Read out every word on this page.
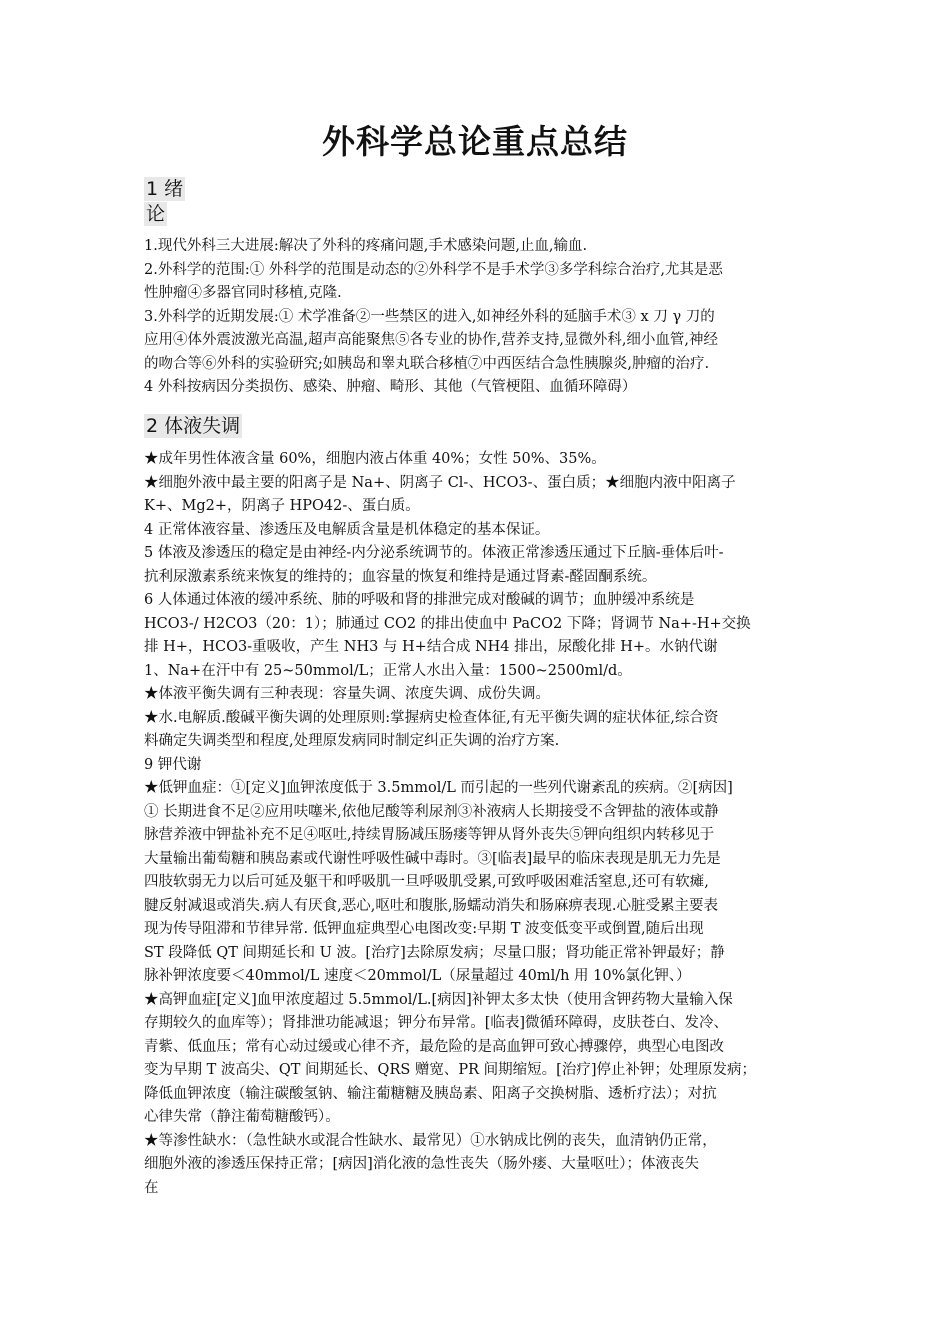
外科学总论重点总结
1 绪
论
1.现代外科三大进展:解决了外科的疼痛问题,手术感染问题,止血,输血.
2.外科学的范围:① 外科学的范围是动态的②外科学不是手术学③多学科综合治疗,尤其是恶
性肿瘤④多器官同时移植,克隆.
3.外科学的近期发展:① 术学准备②一些禁区的进入,如神经外科的延脑手术③ x 刀 γ 刀的
应用④体外震波激光高温,超声高能聚焦⑤各专业的协作,营养支持,显微外科,细小血管,神经
的吻合等⑥外科的实验研究;如胰岛和睾丸联合移植⑦中西医结合急性胰腺炎,肿瘤的治疗.
4 外科按病因分类损伤、感染、肿瘤、畸形、其他（气管梗阻、血循环障碍）
2 体液失调
★成年男性体液含量 60%，细胞内液占体重 40%；女性 50%、35%。
★细胞外液中最主要的阳离子是 Na+、阴离子 Cl-、HCO3-、蛋白质；★细胞内液中阳离子
K+、Mg2+，阴离子 HPO42-、蛋白质。
4 正常体液容量、渗透压及电解质含量是机体稳定的基本保证。
5 体液及渗透压的稳定是由神经-内分泌系统调节的。体液正常渗透压通过下丘脑-垂体后叶-
抗利尿激素系统来恢复的维持的；血容量的恢复和维持是通过肾素-醛固酮系统。
6 人体通过体液的缓冲系统、肺的呼吸和肾的排泄完成对酸碱的调节；血肿缓冲系统是
HCO3-/ H2CO3（20：1）；肺通过 CO2 的排出使血中 PaCO2 下降；肾调节 Na+-H+交换
排 H+，HCO3-重吸收，产生 NH3 与 H+结合成 NH4 排出，尿酸化排 H+。水钠代谢
1、Na+在汗中有 25~50mmol/L；正常人水出入量：1500~2500ml/d。
★体液平衡失调有三种表现：容量失调、浓度失调、成份失调。
★水.电解质.酸碱平衡失调的处理原则:掌握病史检查体征,有无平衡失调的症状体征,综合资
料确定失调类型和程度,处理原发病同时制定纠正失调的治疗方案.
9 钾代谢
★低钾血症：①[定义]血钾浓度低于 3.5mmol/L 而引起的一些列代谢紊乱的疾病。②[病因]
① 长期进食不足②应用呋噻米,依他尼酸等利尿剂③补液病人长期接受不含钾盐的液体或静
脉营养液中钾盐补充不足④呕吐,持续胃肠减压肠瘘等钾从肾外丧失⑤钾向组织内转移见于
大量输出葡萄糖和胰岛素或代谢性呼吸性碱中毒时。③[临表]最早的临床表现是肌无力先是
四肢软弱无力以后可延及躯干和呼吸肌一旦呼吸肌受累,可致呼吸困难活窒息,还可有软瘫,
腱反射减退或消失.病人有厌食,恶心,呕吐和腹胀,肠蠕动消失和肠麻痹表现.心脏受累主要表
现为传导阻滞和节律异常. 低钾血症典型心电图改变:早期 T 波变低变平或倒置,随后出现
ST 段降低 QT 间期延长和 U 波。[治疗]去除原发病；尽量口服；肾功能正常补钾最好；静
脉补钾浓度要＜40mmol/L 速度＜20mmol/L（尿量超过 40ml/h 用 10%氯化钾、）
★高钾血症[定义]血甲浓度超过 5.5mmol/L.[病因]补钾太多太快（使用含钾药物大量输入保
存期较久的血库等）；肾排泄功能减退；钾分布异常。[临表]微循环障碍，皮肤苍白、发冷、
青紫、低血压；常有心动过缓或心律不齐，最危险的是高血钾可致心搏骤停，典型心电图改
变为早期 T 波高尖、QT 间期延长、QRS 赠宽、PR 间期缩短。[治疗]停止补钾；处理原发病；
降低血钾浓度（输注碳酸氢钠、输注葡糖糖及胰岛素、阳离子交换树脂、透析疗法）；对抗
心律失常（静注葡萄糖酸钙）。
★等渗性缺水：（急性缺水或混合性缺水、最常见）①水钠成比例的丧失，血清钠仍正常，
细胞外液的渗透压保持正常；[病因]消化液的急性丧失（肠外瘘、大量呕吐）；体液丧失
在
